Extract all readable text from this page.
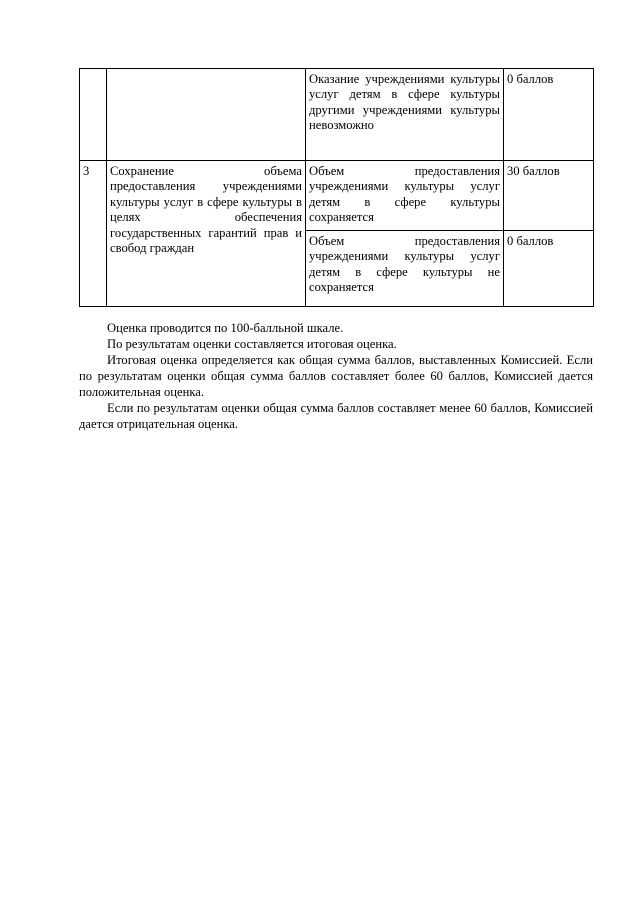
		Оказание учреждениями культуры услуг детям в сфере культуры другими учреждениями культуры невозможно	0 баллов
3	Сохранение объема предоставления учреждениями культуры услуг в сфере культуры в целях обеспечения государственных гарантий прав и свобод граждан	Объем предоставления учреждениями культуры услуг детям в сфере культуры сохраняется	30 баллов
		Объем предоставления учреждениями культуры услуг детям в сфере культуры не сохраняется	0 баллов

Оценка проводится по 100-балльной шкале.

По результатам оценки составляется итоговая оценка.

Итоговая оценка определяется как общая сумма баллов, выставленных Комиссией. Если по результатам оценки общая сумма баллов составляет более 60 баллов, Комиссией дается положительная оценка.

Если по результатам оценки общая сумма баллов составляет менее 60 баллов, Комиссией дается отрицательная оценка.
